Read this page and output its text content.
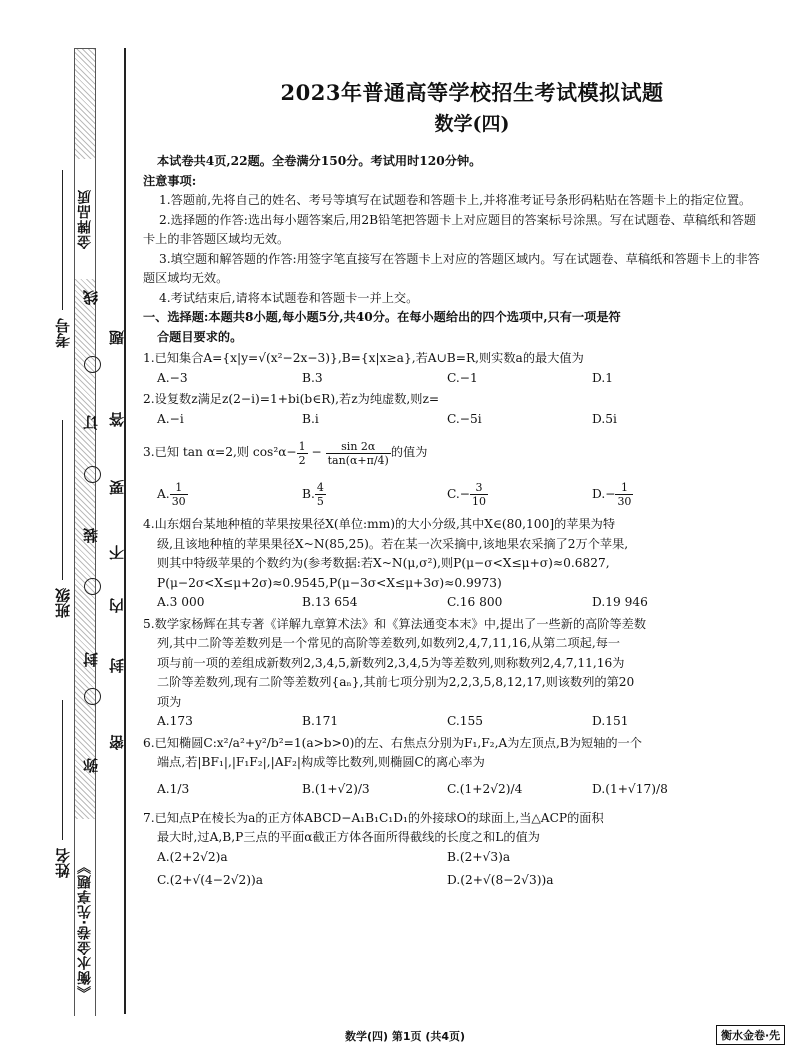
金牌品质
《衡水金卷·先享题》
考号
班级
姓名
题
答
要
不
内
封
密
线
订
装
封
弥
2023年普通高等学校招生考试模拟试题
数学(四)
本试卷共4页,22题。全卷满分150分。考试用时120分钟。
注意事项:
1.答题前,先将自己的姓名、考号等填写在试题卷和答题卡上,并将准考证号条形码粘贴在答题卡上的指定位置。
2.选择题的作答:选出每小题答案后,用2B铅笔把答题卡上对应题目的答案标号涂黑。写在试题卷、草稿纸和答题卡上的非答题区域均无效。
3.填空题和解答题的作答:用签字笔直接写在答题卡上对应的答题区域内。写在试题卷、草稿纸和答题卡上的非答题区域均无效。
4.考试结束后,请将本试题卷和答题卡一并上交。
一、选择题:本题共8小题,每小题5分,共40分。在每小题给出的四个选项中,只有一项是符
合题目要求的。
1.已知集合A={x|y=√(x²−2x−3)},B={x|x≥a},若A∪B=R,则实数a的最大值为
A.−3	B.3	C.−1	D.1
2.设复数z满足z(2−i)=1+bi(b∈R),若z为纯虚数,则z=
A.−i	B.i	C.−5i	D.5i
3.已知 tan α=2,则 $\cos^2\alpha- \frac{1}{2} - \frac{\sin 2\alpha}{\tan(\alpha+\pi/4)}$ 的值为
A. $\frac{1}{30}$	B. $\frac{4}{5}$	$C.- \frac{3}{10}$	$D.- \frac{1}{30}$
4.山东烟台某地种植的苹果按果径X(单位:mm)的大小分级,其中X∈(80,100]的苹果为特
级,且该地种植的苹果果径X~N(85,25)。若在某一次采摘中,该地果农采摘了2万个苹果,
则其中特级苹果的个数约为(参考数据:若X~N(μ,σ²),则P(μ−σ<X≤μ+σ)≈0.6827,
P(μ−2σ<X≤μ+2σ)≈0.9545,P(μ−3σ<X≤μ+3σ)≈0.9973)
A.3 000	B.13 654	C.16 800	D.19 946
5.数学家杨辉在其专著《详解九章算术法》和《算法通变本末》中,提出了一些新的高阶等差数
列,其中二阶等差数列是一个常见的高阶等差数列,如数列2,4,7,11,16,从第二项起,每一
项与前一项的差组成新数列2,3,4,5,新数列2,3,4,5为等差数列,则称数列2,4,7,11,16为
二阶等差数列,现有二阶等差数列{aₙ},其前七项分别为2,2,3,5,8,12,17,则该数列的第20
项为
A.173	B.171	C.155	D.151
6.已知椭圆C:x²/a²+y²/b²=1(a>b>0)的左、右焦点分别为F₁,F₂,A为左顶点,B为短轴的一个
端点,若|BF₁|,|F₁F₂|,|AF₂|构成等比数列,则椭圆C的离心率为
A.1/3	B.(1+√2)/3	C.(1+2√2)/4	D.(1+√17)/8
7.已知点P在棱长为a的正方体ABCD−A₁B₁C₁D₁的外接球O的球面上,当△ACP的面积
最大时,过A,B,P三点的平面α截正方体各面所得截线的长度之和L的值为
A.(2+2√2)a	B.(2+√3)a
C.(2+√(4−2√2))a	D.(2+√(8−2√3))a
数学(四) 第1页 (共4页)	衡水金卷·先
